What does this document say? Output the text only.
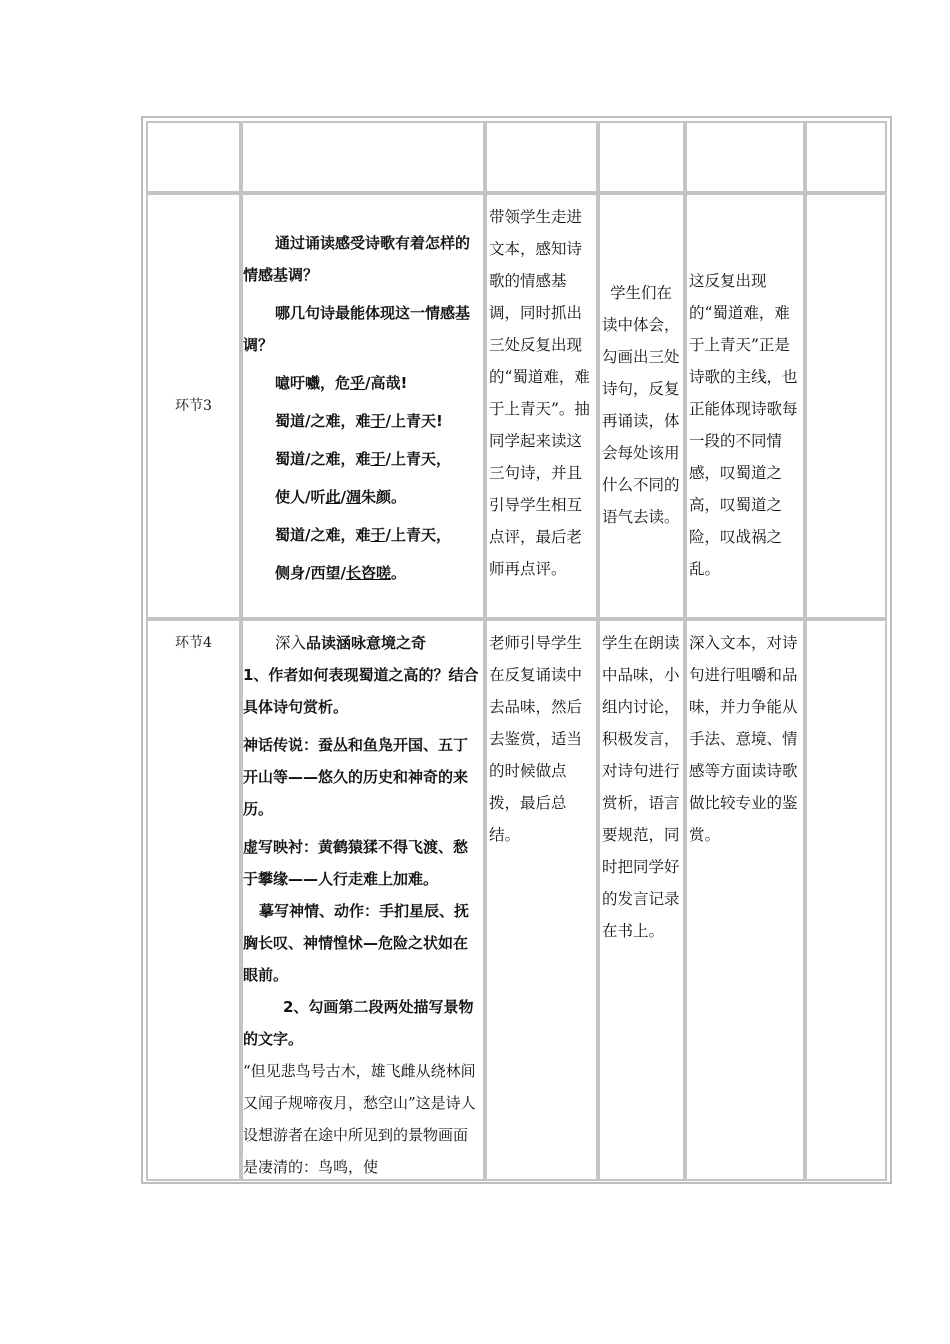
环节3

通过诵读感受诗歌有着怎样的情感基调？

哪几句诗最能体现这一情感基调？

噫吁嚱，危乎/高哉!

蜀道/之难，难于/上青天!

蜀道/之难，难于/上青天，

使人/听此/凋朱颜。

蜀道/之难，难于/上青天，

侧身/西望/长咨嗟。

带领学生走进文本，感知诗歌的情感基调，同时抓出三处反复出现的“蜀道难，难于上青天”。抽同学起来读这三句诗，并且引导学生相互点评，最后老师再点评。

学生们在读中体会，勾画出三处诗句，反复再诵读，体会每处该用什么不同的语气去读。

这反复出现的“蜀道难，难于上青天”正是诗歌的主线，也正能体现诗歌每一段的不同情感，叹蜀道之高，叹蜀道之险，叹战祸之乱。

环节4	深入品读涵咏意境之奇

1、作者如何表现蜀道之高的？结合具体诗句赏析。

神话传说：蚕丛和鱼凫开国、五丁开山等——悠久的历史和神奇的来历。

虚写映衬：黄鹤猿猱不得飞渡、愁于攀缘——人行走难上加难。

摹写神情、动作：手扪星辰、抚胸长叹、神情惶怵—危险之状如在眼前。

2、勾画第二段两处描写景物的文字。

“但见悲鸟号古木，雄飞雌从绕林间又闻子规啼夜月，愁空山”这是诗人设想游者在途中所见到的景物画面是凄清的：鸟鸣，使

老师引导学生在反复诵读中去品味，然后去鉴赏，适当的时候做点拨，最后总结。

学生在朗读中品味，小组内讨论，积极发言，对诗句进行赏析，语言要规范，同时把同学好的发言记录在书上。

深入文本，对诗句进行咀嚼和品味，并力争能从手法、意境、情感等方面读诗歌做比较专业的鉴赏。
